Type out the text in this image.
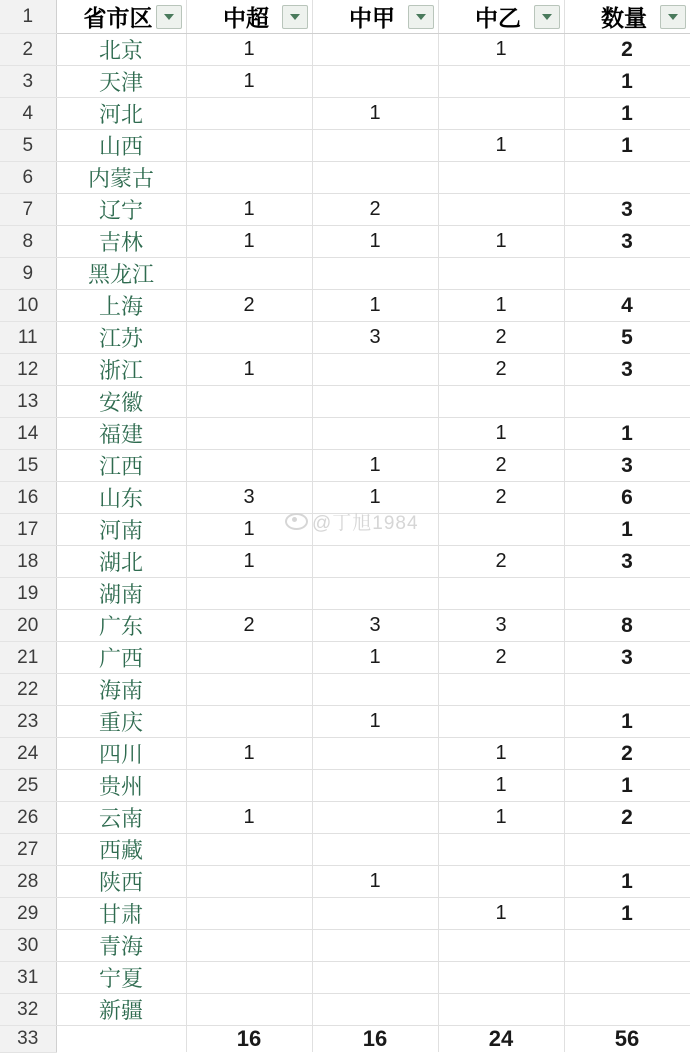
1	省市区	中超	中甲	中乙	数量

2	北京	1		1	2
3	天津	1			1
4	河北		1		1
5	山西			1	1
6	内蒙古				
7	辽宁	1	2		3
8	吉林	1	1	1	3
9	黑龙江				
10	上海	2	1	1	4
11	江苏		3	2	5
12	浙江	1		2	3
13	安徽				
14	福建			1	1
15	江西		1	2	3
16	山东	3	1	2	6
17	河南	1			1
18	湖北	1		2	3
19	湖南				
20	广东	2	3	3	8
21	广西		1	2	3
22	海南				
23	重庆		1		1
24	四川	1		1	2
25	贵州			1	1
26	云南	1		1	2
27	西藏				
28	陕西		1		1
29	甘肃			1	1
30	青海				
31	宁夏				
32	新疆				
33		16	16	24	56
@丁旭1984
